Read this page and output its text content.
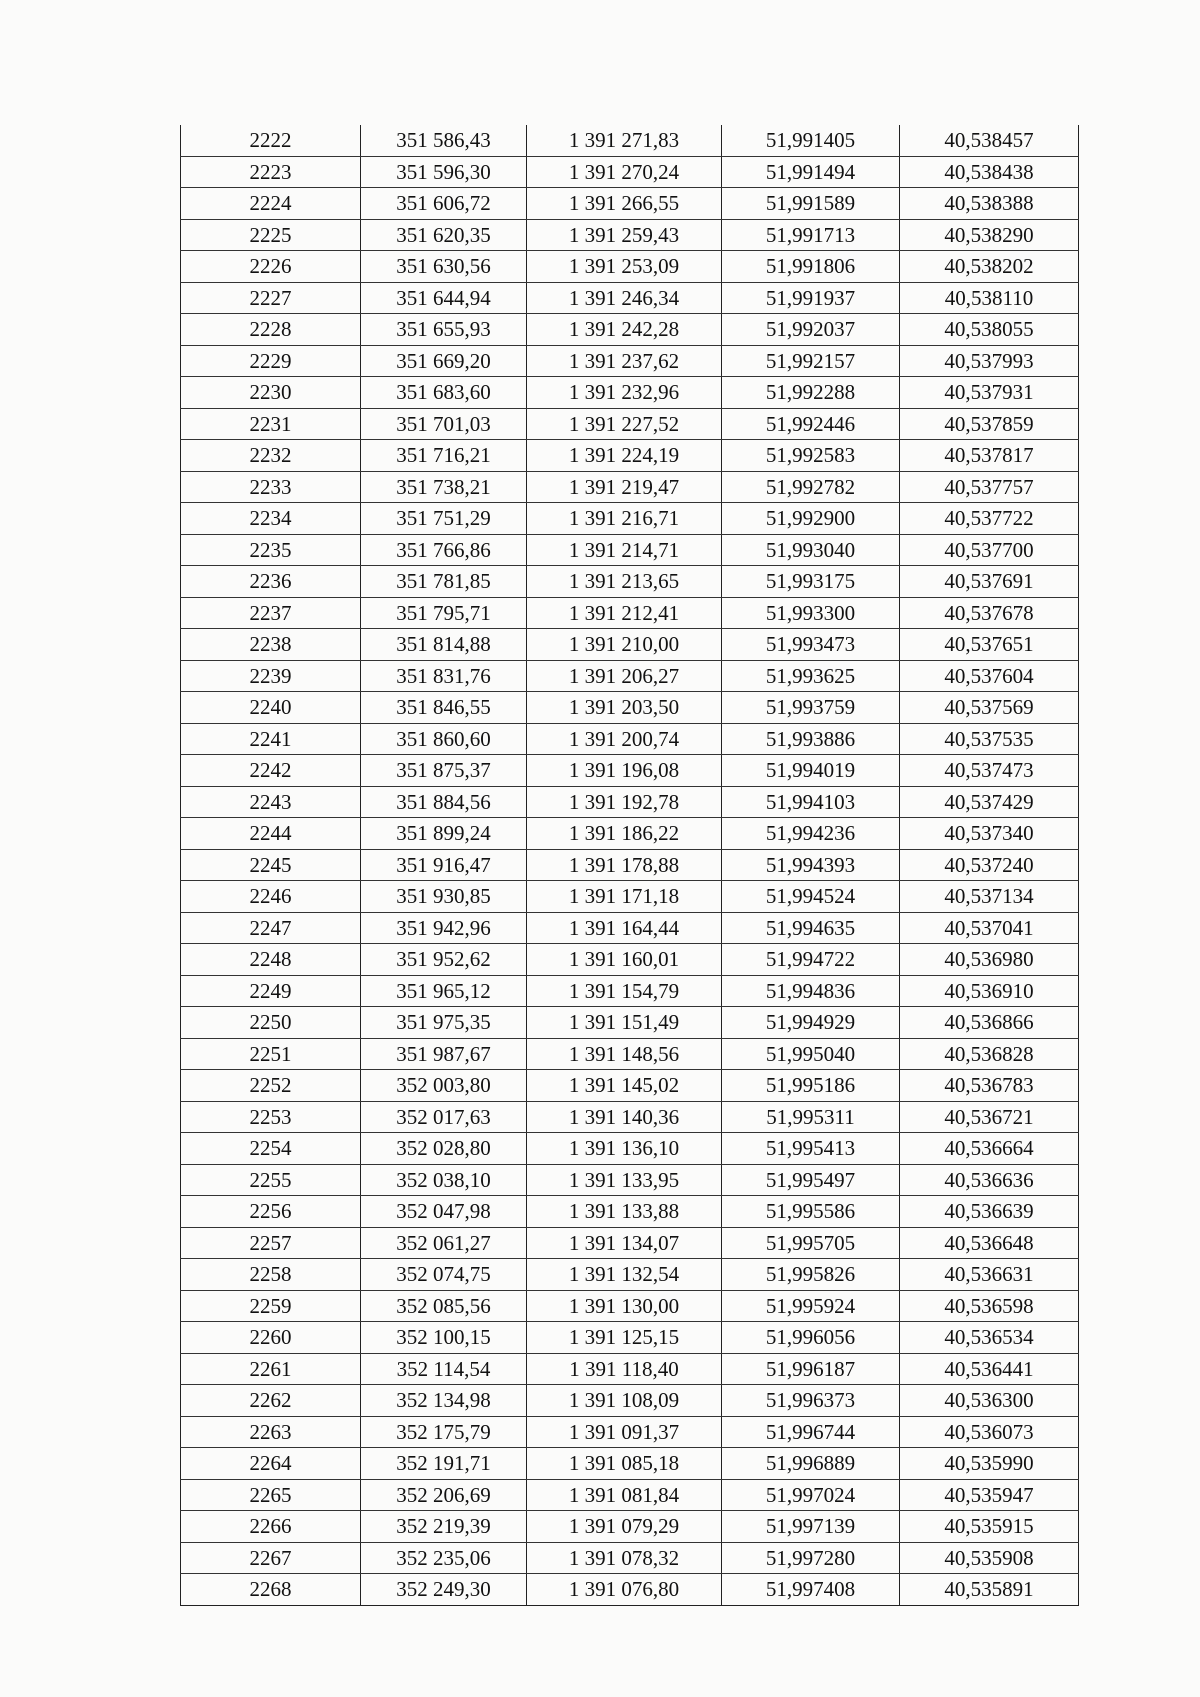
2222	351 586,43	1 391 271,83	51,991405	40,538457
2223	351 596,30	1 391 270,24	51,991494	40,538438
2224	351 606,72	1 391 266,55	51,991589	40,538388
2225	351 620,35	1 391 259,43	51,991713	40,538290
2226	351 630,56	1 391 253,09	51,991806	40,538202
2227	351 644,94	1 391 246,34	51,991937	40,538110
2228	351 655,93	1 391 242,28	51,992037	40,538055
2229	351 669,20	1 391 237,62	51,992157	40,537993
2230	351 683,60	1 391 232,96	51,992288	40,537931
2231	351 701,03	1 391 227,52	51,992446	40,537859
2232	351 716,21	1 391 224,19	51,992583	40,537817
2233	351 738,21	1 391 219,47	51,992782	40,537757
2234	351 751,29	1 391 216,71	51,992900	40,537722
2235	351 766,86	1 391 214,71	51,993040	40,537700
2236	351 781,85	1 391 213,65	51,993175	40,537691
2237	351 795,71	1 391 212,41	51,993300	40,537678
2238	351 814,88	1 391 210,00	51,993473	40,537651
2239	351 831,76	1 391 206,27	51,993625	40,537604
2240	351 846,55	1 391 203,50	51,993759	40,537569
2241	351 860,60	1 391 200,74	51,993886	40,537535
2242	351 875,37	1 391 196,08	51,994019	40,537473
2243	351 884,56	1 391 192,78	51,994103	40,537429
2244	351 899,24	1 391 186,22	51,994236	40,537340
2245	351 916,47	1 391 178,88	51,994393	40,537240
2246	351 930,85	1 391 171,18	51,994524	40,537134
2247	351 942,96	1 391 164,44	51,994635	40,537041
2248	351 952,62	1 391 160,01	51,994722	40,536980
2249	351 965,12	1 391 154,79	51,994836	40,536910
2250	351 975,35	1 391 151,49	51,994929	40,536866
2251	351 987,67	1 391 148,56	51,995040	40,536828
2252	352 003,80	1 391 145,02	51,995186	40,536783
2253	352 017,63	1 391 140,36	51,995311	40,536721
2254	352 028,80	1 391 136,10	51,995413	40,536664
2255	352 038,10	1 391 133,95	51,995497	40,536636
2256	352 047,98	1 391 133,88	51,995586	40,536639
2257	352 061,27	1 391 134,07	51,995705	40,536648
2258	352 074,75	1 391 132,54	51,995826	40,536631
2259	352 085,56	1 391 130,00	51,995924	40,536598
2260	352 100,15	1 391 125,15	51,996056	40,536534
2261	352 114,54	1 391 118,40	51,996187	40,536441
2262	352 134,98	1 391 108,09	51,996373	40,536300
2263	352 175,79	1 391 091,37	51,996744	40,536073
2264	352 191,71	1 391 085,18	51,996889	40,535990
2265	352 206,69	1 391 081,84	51,997024	40,535947
2266	352 219,39	1 391 079,29	51,997139	40,535915
2267	352 235,06	1 391 078,32	51,997280	40,535908
2268	352 249,30	1 391 076,80	51,997408	40,535891
